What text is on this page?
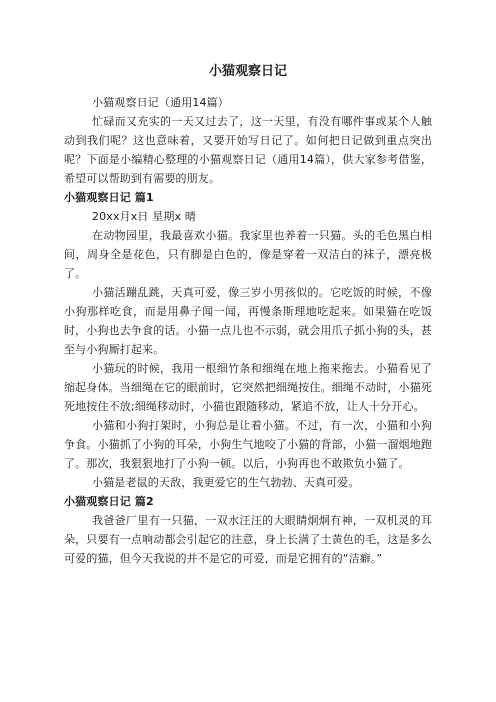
小猫观察日记

小猫观察日记（通用14篇）

忙碌而又充实的一天又过去了，这一天里，有没有哪件事或某个人触动到我们呢？这也意味着，又要开始写日记了。如何把日记做到重点突出呢？下面是小编精心整理的小猫观察日记（通用14篇），供大家参考借鉴，希望可以帮助到有需要的朋友。

小猫观察日记 篇1

20xx月x日 星期x 晴

在动物园里，我最喜欢小猫。我家里也养着一只猫。头的毛色黑白相间，周身全是花色，只有脚是白色的，像是穿着一双洁白的袜子，漂亮极了。

小猫活蹦乱跳，天真可爱，像三岁小男孩似的。它吃饭的时候，不像小狗那样吃食，而是用鼻子闻一闻，再慢条斯理地吃起来。如果猫在吃饭时，小狗也去争食的话。小猫一点儿也不示弱，就会用爪子抓小狗的头，甚至与小狗厮打起来。

小猫玩的时候，我用一根细竹条和细绳在地上拖来拖去。小猫看见了缩起身体。当细绳在它的眼前时，它突然把细绳按住。细绳不动时，小猫死死地按住不放;细绳移动时，小猫也跟随移动，紧追不放，让人十分开心。

小猫和小狗打架时，小狗总是让着小猫。不过，有一次，小猫和小狗争食。小猫抓了小狗的耳朵，小狗生气地咬了小猫的背部，小猫一溜烟地跑了。那次，我狠狠地打了小狗一顿。以后，小狗再也不敢欺负小猫了。

小猫是老鼠的天敌，我更爱它的生气勃勃、天真可爱。

小猫观察日记 篇2

我爸爸厂里有一只猫，一双水汪汪的大眼睛炯炯有神，一双机灵的耳朵，只要有一点响动都会引起它的注意，身上长满了土黄色的毛，这是多么可爱的猫，但今天我说的并不是它的可爱，而是它拥有的“洁癖。”
